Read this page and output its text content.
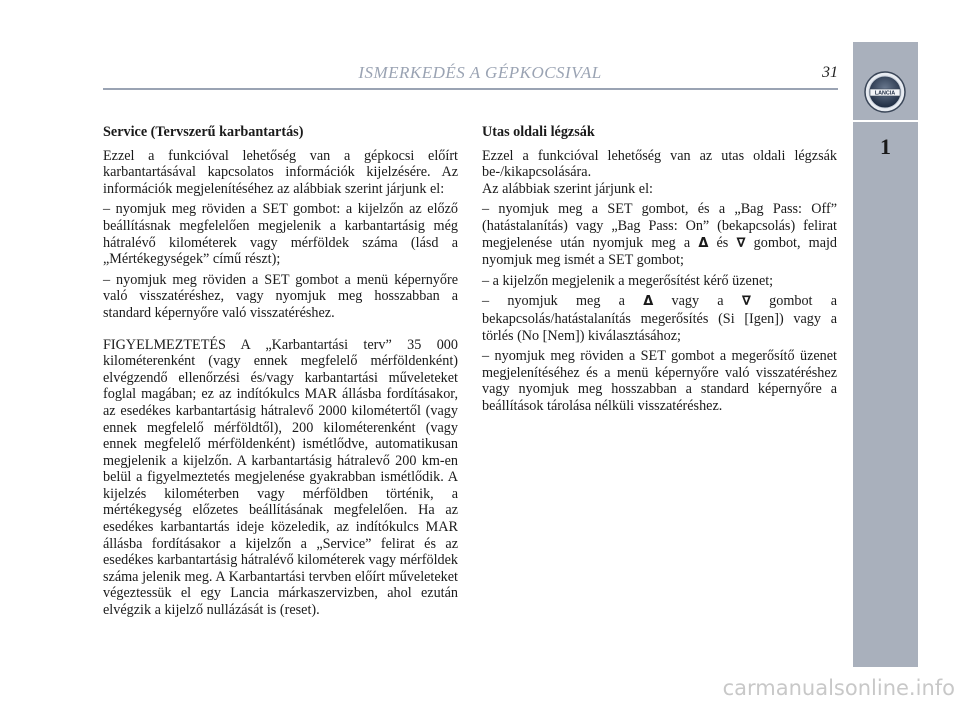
ISMERKEDÉS A GÉPKOCSIVAL	31
LANCIA
1
Service (Tervszerű karbantartás)

Ezzel a funkcióval lehetőség van a gépkocsi előírt karbantartásával kapcsolatos információk kijelzésére. Az információk megjelenítéséhez az alábbiak szerint járjunk el:

– nyomjuk meg röviden a SET gombot: a kijelzőn az előző beállításnak megfelelően megjelenik a karbantartásig még hátralévő kilométerek vagy mérföldek száma (lásd a „Mértékegységek” című részt);

– nyomjuk meg röviden a SET gombot a menü képernyőre való visszatéréshez, vagy nyomjuk meg hosszabban a standard képernyőre való visszatéréshez.

FIGYELMEZTETÉS A „Karbantartási terv” 35 000 kilométerenként (vagy ennek megfelelő mérföldenként) elvégzendő ellenőrzési és/vagy karbantartási műveleteket foglal magában; ez az indítókulcs MAR állásba fordításakor, az esedékes karbantartásig hátralevő 2000 kilométertől (vagy ennek megfelelő mérföldtől), 200 kilométerenként (vagy ennek megfelelő mérföldenként) ismétlődve, automatikusan megjelenik a kijelzőn. A karbantartásig hátralevő 200 km-en belül a figyelmeztetés megjelenése gyakrabban ismétlődik. A kijelzés kilométerben vagy mérföldben történik, a mértékegység előzetes beállításának megfelelően. Ha az esedékes karbantartás ideje közeledik, az indítókulcs MAR állásba fordításakor a kijelzőn a „Service” felirat és az esedékes karbantartásig hátralévő kilométerek vagy mérföldek száma jelenik meg. A Karbantartási tervben előírt műveleteket végeztessük el egy Lancia márkaszervizben, ahol ezután elvégzik a kijelző nullázását is (reset).

Utas oldali légzsák

Ezzel a funkcióval lehetőség van az utas oldali légzsák be-/kikapcsolására.

Az alábbiak szerint járjunk el:

– nyomjuk meg a SET gombot, és a „Bag Pass: Off” (hatástalanítás) vagy „Bag Pass: On” (bekapcsolás) felirat megjelenése után nyomjuk meg a Δ és ∇ gombot, majd nyomjuk meg ismét a SET gombot;

– a kijelzőn megjelenik a megerősítést kérő üzenet;

– nyomjuk meg a Δ vagy a ∇ gombot a bekapcsolás/hatástalanítás megerősítés (Si [Igen]) vagy a törlés (No [Nem]) kiválasztásához;

– nyomjuk meg röviden a SET gombot a megerősítő üzenet megjelenítéséhez és a menü képernyőre való visszatéréshez vagy nyomjuk meg hosszabban a standard képernyőre a beállítások tárolása nélküli visszatéréshez.

carmanualsonline.info
